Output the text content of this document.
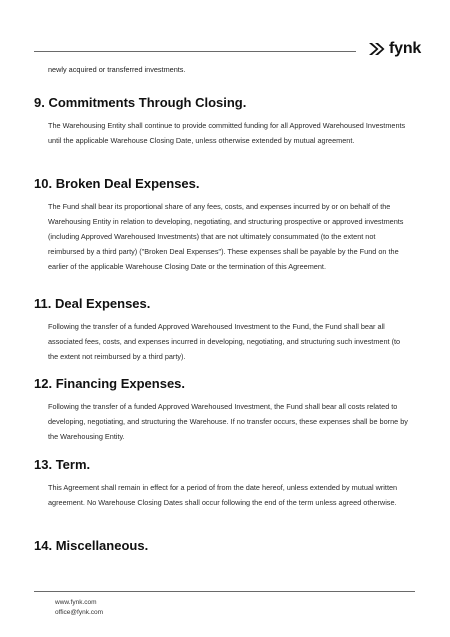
fynk
newly acquired or transferred investments.
9. Commitments Through Closing.
The Warehousing Entity shall continue to provide committed funding for all Approved Warehoused Investments until the applicable Warehouse Closing Date, unless otherwise extended by mutual agreement.
10. Broken Deal Expenses.
The Fund shall bear its proportional share of any fees, costs, and expenses incurred by or on behalf of the Warehousing Entity in relation to developing, negotiating, and structuring prospective or approved investments (including Approved Warehoused Investments) that are not ultimately consummated (to the extent not reimbursed by a third party) ("Broken Deal Expenses"). These expenses shall be payable by the Fund on the earlier of the applicable Warehouse Closing Date or the termination of this Agreement.
11. Deal Expenses.
Following the transfer of a funded Approved Warehoused Investment to the Fund, the Fund shall bear all associated fees, costs, and expenses incurred in developing, negotiating, and structuring such investment (to the extent not reimbursed by a third party).
12. Financing Expenses.
Following the transfer of a funded Approved Warehoused Investment, the Fund shall bear all costs related to developing, negotiating, and structuring the Warehouse. If no transfer occurs, these expenses shall be borne by the Warehousing Entity.
13. Term.
This Agreement shall remain in effect for a period of from the date hereof, unless extended by mutual written agreement. No Warehouse Closing Dates shall occur following the end of the term unless agreed otherwise.
14. Miscellaneous.
www.fynk.com
office@fynk.com
